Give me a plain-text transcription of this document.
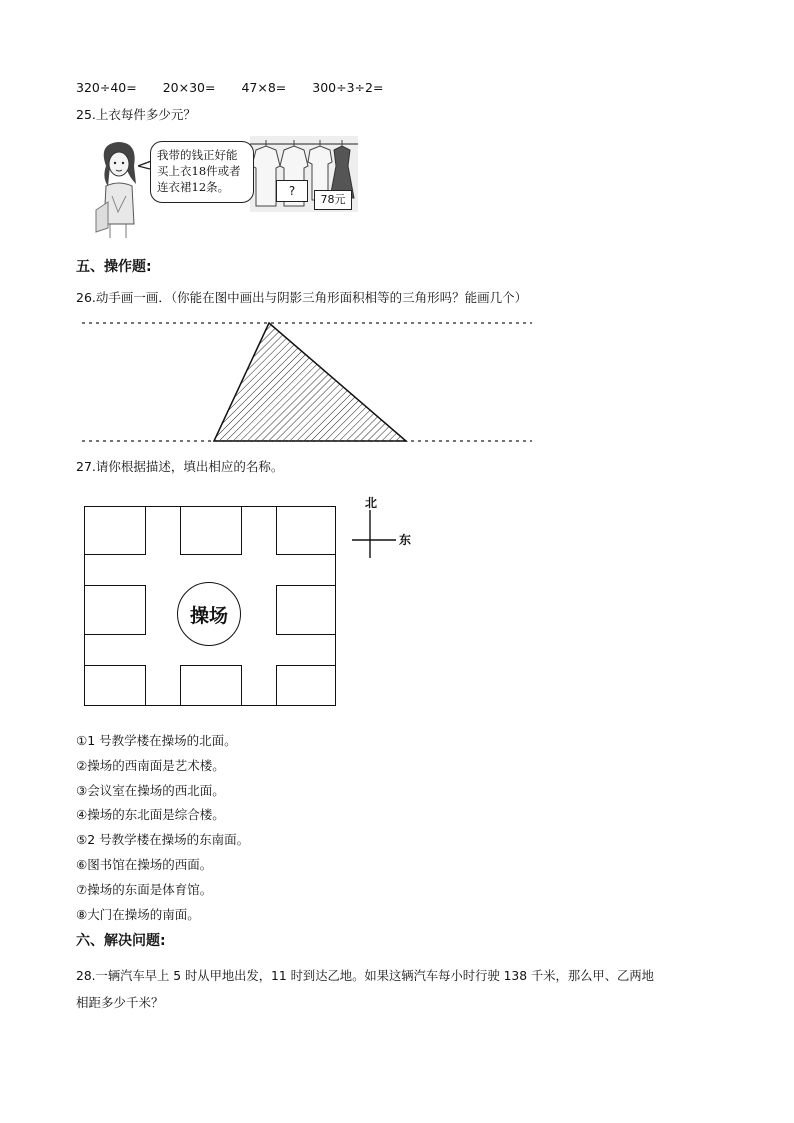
320÷40= 20×30= 47×8= 300÷3÷2=
25.上衣每件多少元？
?
78元
我带的钱正好能
买上衣18件或者
连衣裙12条。
五、操作题:
26.动手画一画．（你能在图中画出与阴影三角形面积相等的三角形吗？能画几个）
27.请你根据描述，填出相应的名称。
操场
北
东
①1 号教学楼在操场的北面。
②操场的西南面是艺术楼。
③会议室在操场的西北面。
④操场的东北面是综合楼。
⑤2 号教学楼在操场的东南面。
⑥图书馆在操场的西面。
⑦操场的东面是体育馆。
⑧大门在操场的南面。
六、解决问题:
28.一辆汽车早上 5 时从甲地出发，11 时到达乙地。如果这辆汽车每小时行驶 138 千米，那么甲、乙两地
相距多少千米？
